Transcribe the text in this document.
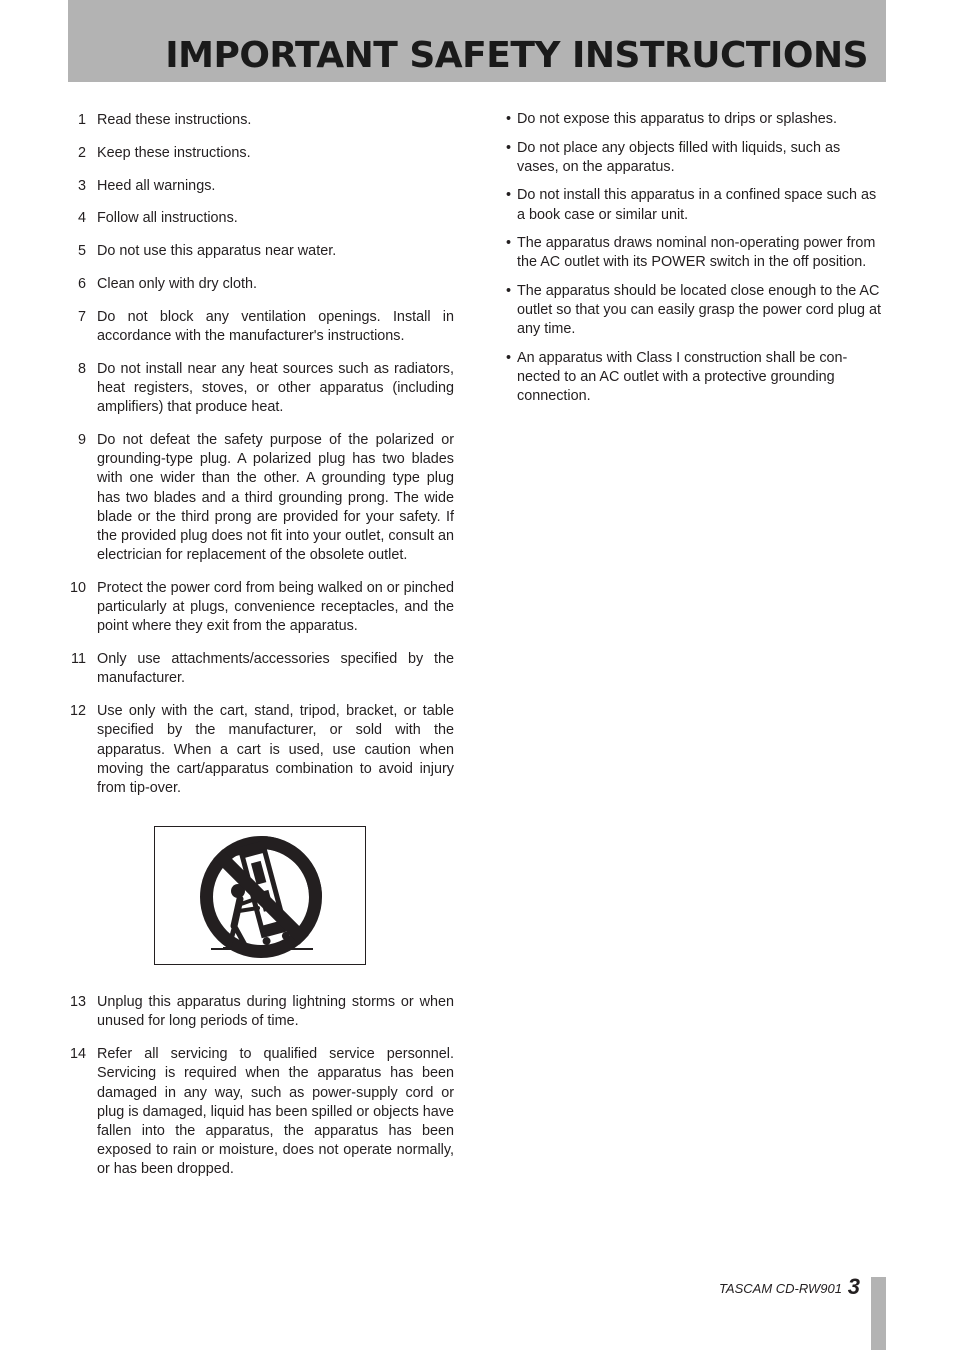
IMPORTANT SAFETY INSTRUCTIONS
1 Read these instructions.
2 Keep these instructions.
3 Heed all warnings.
4 Follow all instructions.
5 Do not use this apparatus near water.
6 Clean only with dry cloth.
7 Do not block any ventilation openings. Install in accordance with the manufacturer's instructions.
8 Do not install near any heat sources such as radiators, heat registers, stoves, or other apparatus (including amplifiers) that produce heat.
9 Do not defeat the safety purpose of the polarized or grounding-type plug. A polarized plug has two blades with one wider than the other. A grounding type plug has two blades and a third grounding prong. The wide blade or the third prong are provided for your safety. If the provided plug does not fit into your outlet, consult an electrician for replacement of the obsolete outlet.
10 Protect the power cord from being walked on or pinched particularly at plugs, convenience receptacles, and the point where they exit from the apparatus.
11 Only use attachments/accessories specified by the manufacturer.
12 Use only with the cart, stand, tripod, bracket, or table specified by the manufacturer, or sold with the apparatus. When a cart is used, use caution when moving the cart/apparatus combination to avoid injury from tip-over.
13 Unplug this apparatus during lightning storms or when unused for long periods of time.
14 Refer all servicing to qualified service personnel. Servicing is required when the apparatus has been damaged in any way, such as power-supply cord or plug is damaged, liquid has been spilled or objects have fallen into the apparatus, the apparatus has been exposed to rain or moisture, does not operate normally, or has been dropped.
• Do not expose this apparatus to drips or splashes.
• Do not place any objects filled with liquids, such as vases, on the apparatus.
• Do not install this apparatus in a confined space such as a book case or similar unit.
• The apparatus draws nominal non-operating power from the AC outlet with its POWER switch in the off position.
• The apparatus should be located close enough to the AC outlet so that you can easily grasp the power cord plug at any time.
• An apparatus with Class I construction shall be con-nected to an AC outlet with a protective grounding connection.
TASCAM CD-RW901 3
